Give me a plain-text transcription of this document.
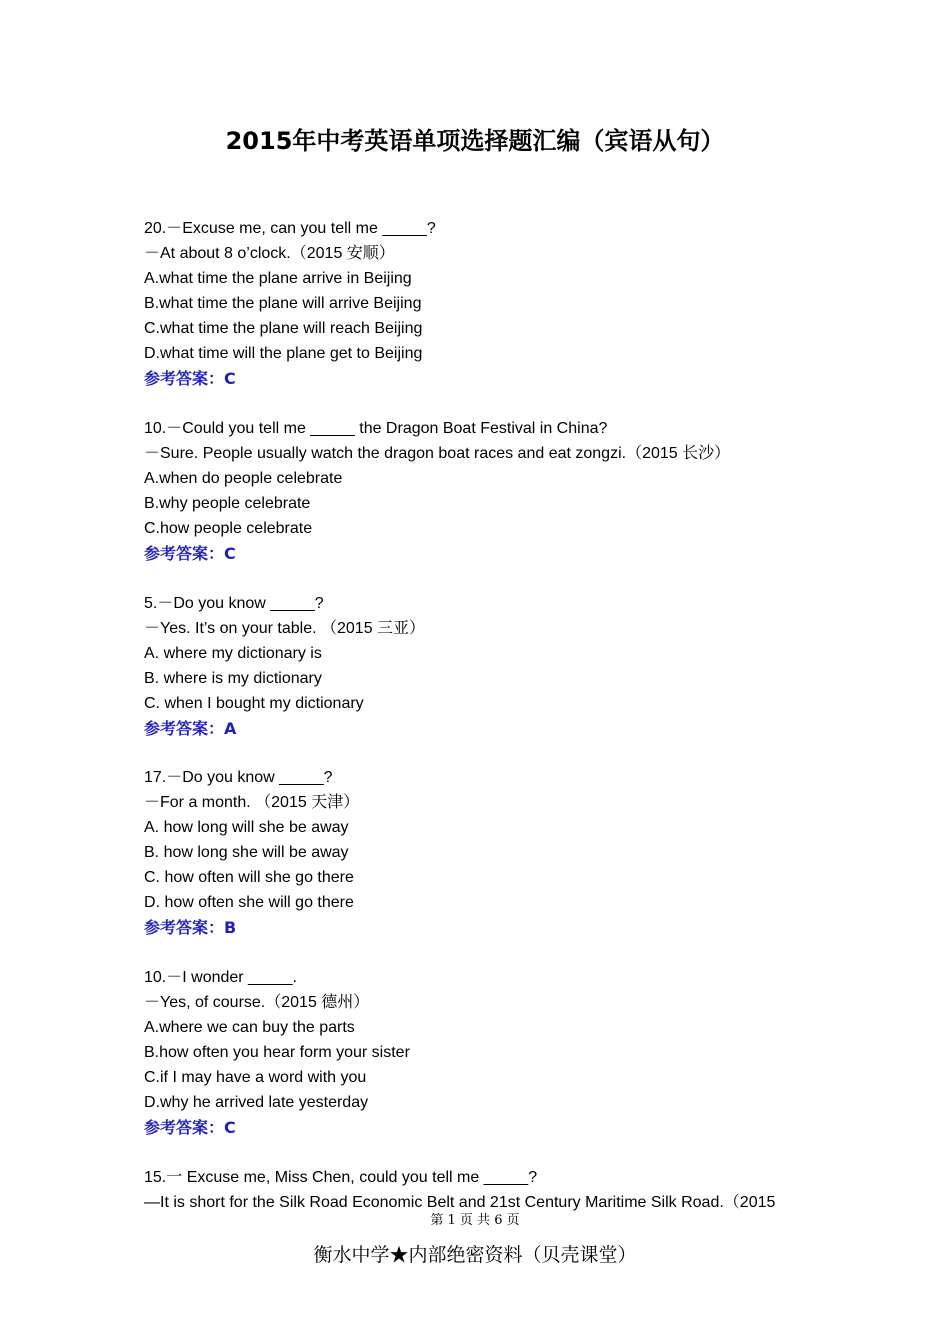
2015年中考英语单项选择题汇编（宾语从句）
20.－Excuse me, can you tell me _____?
－At about 8 o’clock.（2015 安顺）
A.what time the plane arrive in Beijing
B.what time the plane will arrive Beijing
C.what time the plane will reach Beijing
D.what time will the plane get to Beijing
参考答案：C
10.－Could you tell me _____ the Dragon Boat Festival in China?
－Sure. People usually watch the dragon boat races and eat zongzi.（2015 长沙）
A.when do people celebrate
B.why people celebrate
C.how people celebrate
参考答案：C
5.－Do you know _____?
－Yes. It’s on your table. （2015 三亚）
A. where my dictionary is
B. where is my dictionary
C. when I bought my dictionary
参考答案：A
17.－Do you know _____?
－For a month. （2015 天津）
A. how long will she be away
B. how long she will be away
C. how often will she go there
D. how often she will go there
参考答案：B
10.－I wonder _____.
－Yes, of course.（2015 德州）
A.where we can buy the parts
B.how often you hear form your sister
C.if I may have a word with you
D.why he arrived late yesterday
参考答案：C
15.一 Excuse me, Miss Chen, could you tell me _____?
—It is short for the Silk Road Economic Belt and 21st Century Maritime Silk Road.（2015
第 1 页 共 6 页
衡水中学★内部绝密资料（贝壳课堂）
